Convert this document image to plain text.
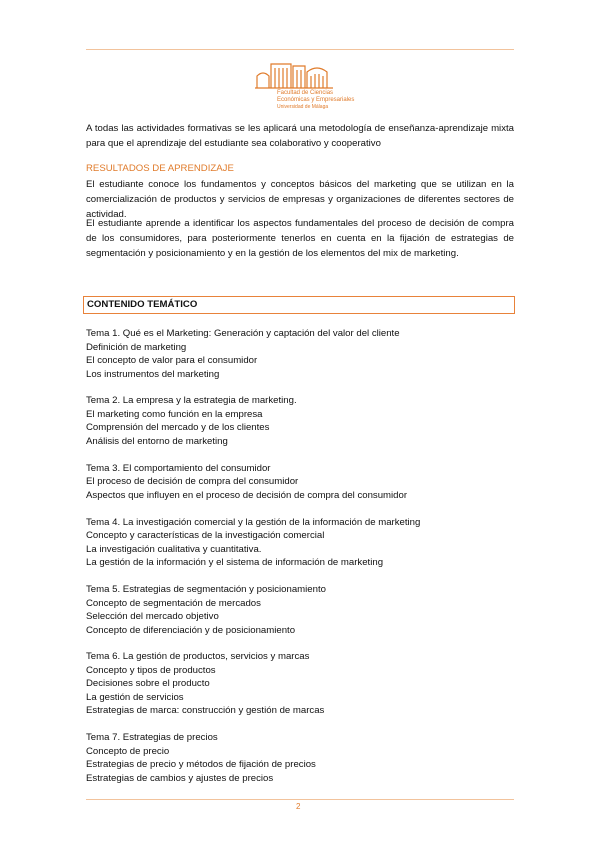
Facultad de Ciencias
Económicas y Empresariales
Universidad de Málaga
A todas las actividades formativas se les aplicará una metodología de enseñanza-aprendizaje mixta para que el aprendizaje del estudiante sea colaborativo y cooperativo
RESULTADOS DE APRENDIZAJE
El estudiante conoce los fundamentos y conceptos básicos del marketing que se utilizan en la comercialización de productos y servicios de empresas y organizaciones de diferentes sectores de actividad.
El estudiante aprende a identificar los aspectos fundamentales del proceso de decisión de compra de los consumidores, para posteriormente tenerlos en cuenta en la fijación de estrategias de segmentación y posicionamiento y en la gestión de los elementos del mix de marketing.
CONTENIDO TEMÁTICO
Tema 1. Qué es el Marketing: Generación y captación del valor del cliente
Definición de marketing
El concepto de valor para el consumidor
Los instrumentos del marketing
Tema 2. La empresa y la estrategia de marketing.
El marketing como función en la empresa
Comprensión del mercado y de los clientes
Análisis del entorno de marketing
Tema 3. El comportamiento del consumidor
El proceso de decisión de compra del consumidor
Aspectos que influyen en el proceso de decisión de compra del consumidor
Tema 4. La investigación comercial y la gestión de la información de marketing
Concepto y características de la investigación comercial
La investigación cualitativa y cuantitativa.
La gestión de la información y el sistema de información de marketing
Tema 5. Estrategias de segmentación y posicionamiento
Concepto de segmentación de mercados
Selección del mercado objetivo
Concepto de diferenciación y de posicionamiento
Tema 6. La gestión de productos, servicios y marcas
Concepto y tipos de productos
Decisiones sobre el producto
La gestión de servicios
Estrategias de marca: construcción y gestión de marcas
Tema 7. Estrategias de precios
Concepto de precio
Estrategias de precio y métodos de fijación de precios
Estrategias de cambios y ajustes de precios
2
